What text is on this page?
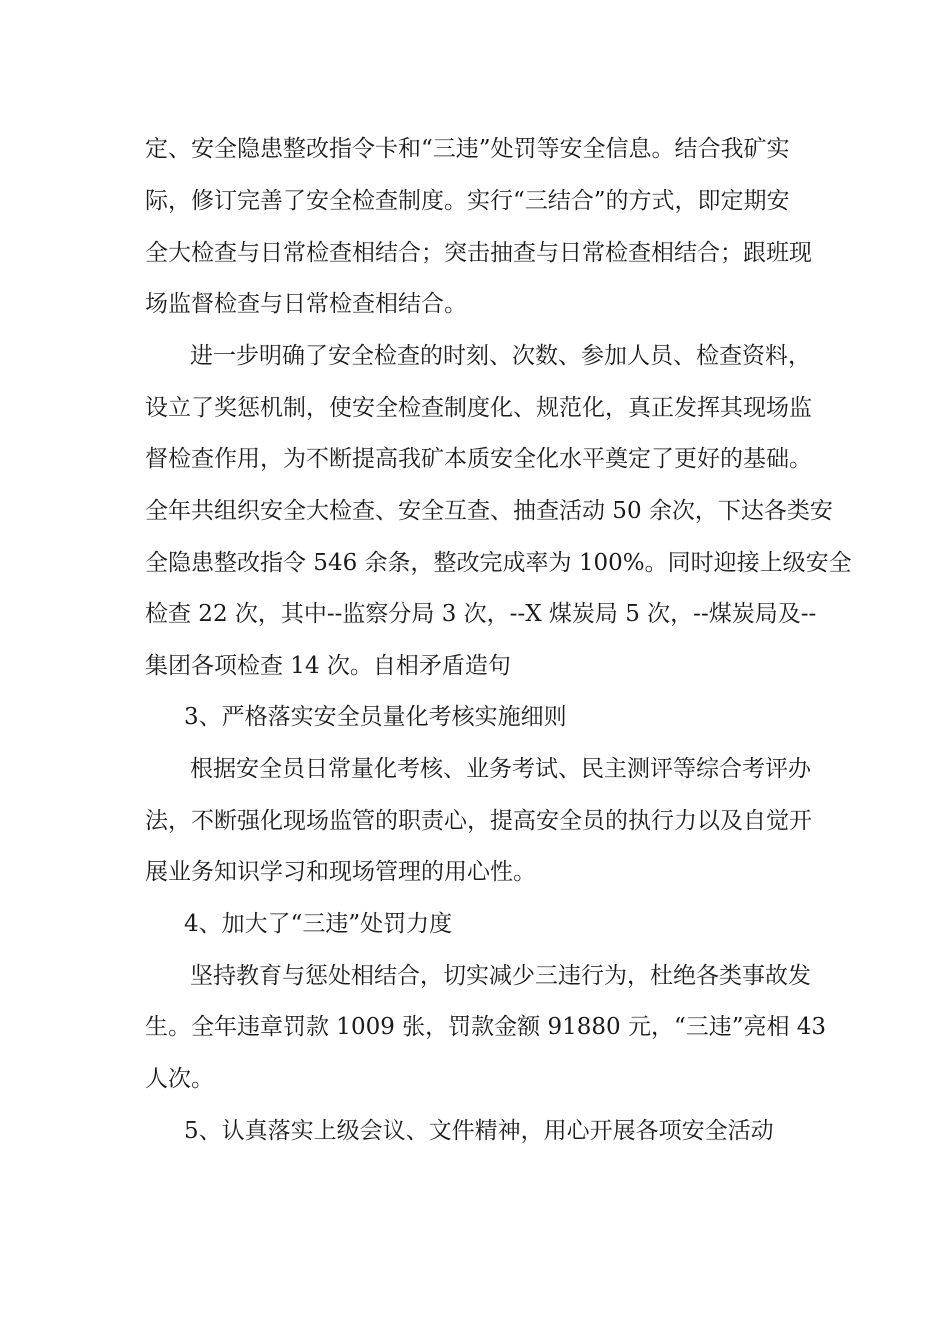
定、安全隐患整改指令卡和“三违”处罚等安全信息。结合我矿实

际，修订完善了安全检查制度。实行“三结合”的方式，即定期安

全大检查与日常检查相结合；突击抽查与日常检查相结合；跟班现

场监督检查与日常检查相结合。

进一步明确了安全检查的时刻、次数、参加人员、检查资料，

设立了奖惩机制，使安全检查制度化、规范化，真正发挥其现场监

督检查作用，为不断提高我矿本质安全化水平奠定了更好的基础。

全年共组织安全大检查、安全互查、抽查活动 50 余次，下达各类安

全隐患整改指令 546 余条，整改完成率为 100%。同时迎接上级安全

检查 22 次，其中--监察分局 3 次，--X 煤炭局 5 次，--煤炭局及--

集团各项检查 14 次。自相矛盾造句

3、严格落实安全员量化考核实施细则

根据安全员日常量化考核、业务考试、民主测评等综合考评办

法，不断强化现场监管的职责心，提高安全员的执行力以及自觉开

展业务知识学习和现场管理的用心性。

4、加大了“三违”处罚力度

坚持教育与惩处相结合，切实减少三违行为，杜绝各类事故发

生。全年违章罚款 1009 张，罚款金额 91880 元，“三违”亮相 43

人次。

5、认真落实上级会议、文件精神，用心开展各项安全活动
